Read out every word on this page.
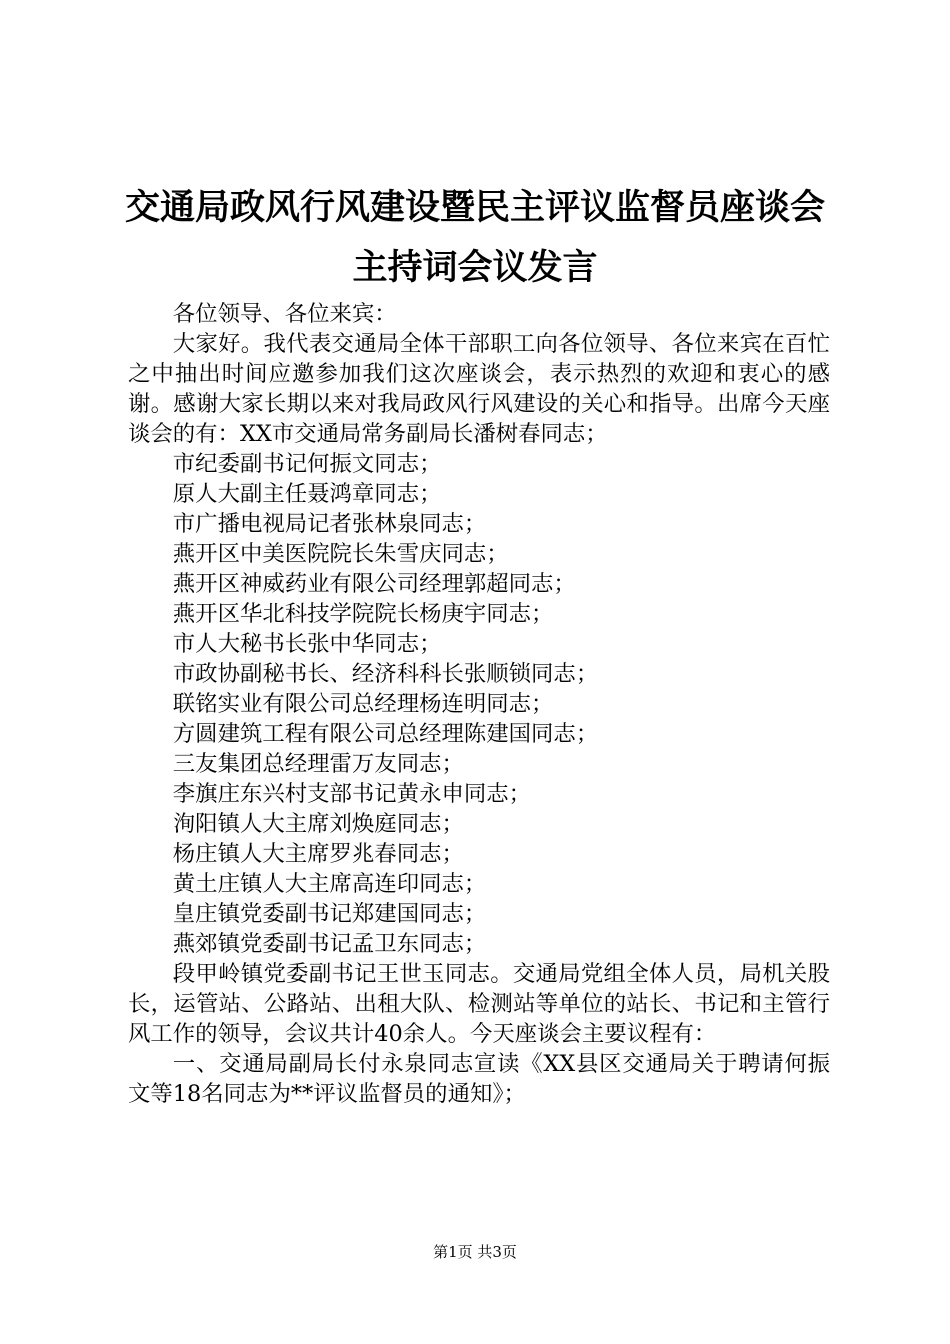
交通局政风行风建设暨民主评议监督员座谈会
主持词会议发言

各位领导、各位来宾：

大家好。我代表交通局全体干部职工向各位领导、各位来宾在百忙之中抽出时间应邀参加我们这次座谈会，表示热烈的欢迎和衷心的感谢。感谢大家长期以来对我局政风行风建设的关心和指导。出席今天座谈会的有：XX市交通局常务副局长潘树春同志；

市纪委副书记何振文同志；

原人大副主任聂鸿章同志；

市广播电视局记者张林泉同志；

燕开区中美医院院长朱雪庆同志；

燕开区神威药业有限公司经理郭超同志；

燕开区华北科技学院院长杨庚宇同志；

市人大秘书长张中华同志；

市政协副秘书长、经济科科长张顺锁同志；

联铭实业有限公司总经理杨连明同志；

方圆建筑工程有限公司总经理陈建国同志；

三友集团总经理雷万友同志；

李旗庄东兴村支部书记黄永申同志；

洵阳镇人大主席刘焕庭同志；

杨庄镇人大主席罗兆春同志；

黄土庄镇人大主席高连印同志；

皇庄镇党委副书记郑建国同志；

燕郊镇党委副书记孟卫东同志；

段甲岭镇党委副书记王世玉同志。交通局党组全体人员，局机关股长，运管站、公路站、出租大队、检测站等单位的站长、书记和主管行风工作的领导，会议共计40余人。今天座谈会主要议程有：

一、交通局副局长付永泉同志宣读《XX县区交通局关于聘请何振文等18名同志为**评议监督员的通知》；

第1页 共3页
